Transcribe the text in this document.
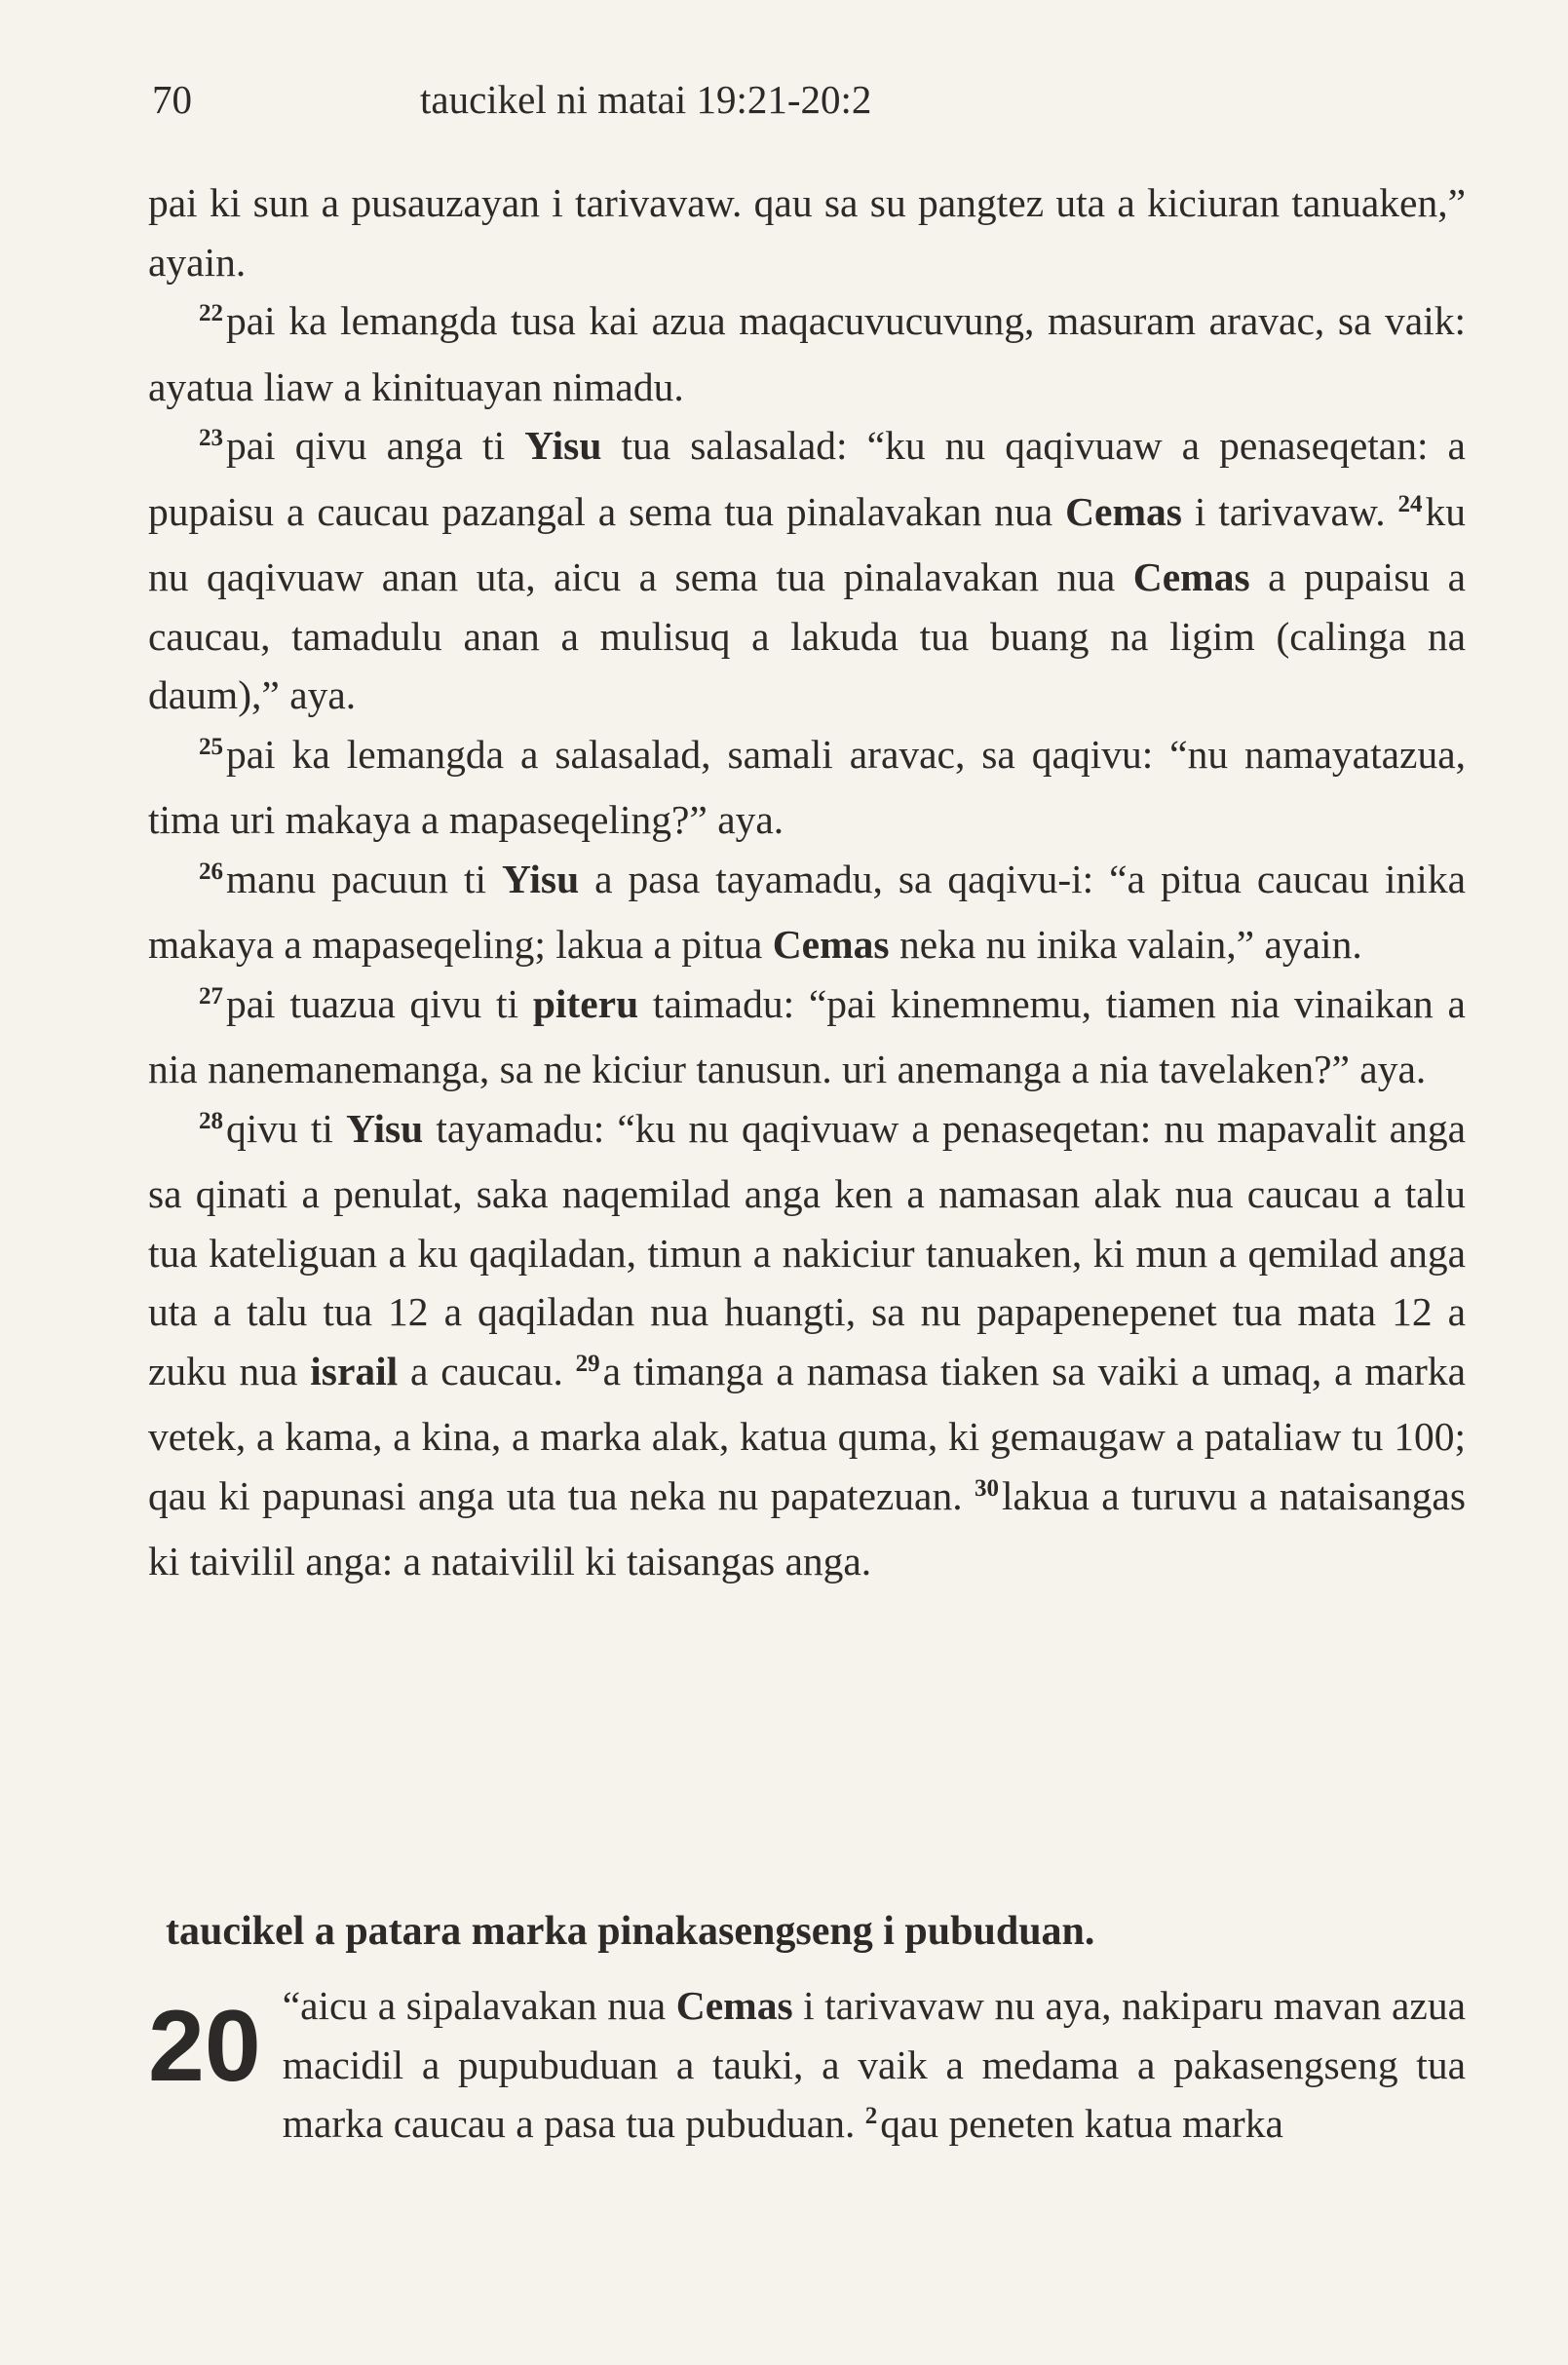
70	taucikel ni matai 19:21-20:2

pai ki sun a pusauzayan i tarivavaw. qau sa su pangtez uta a kiciuran tanuaken,” ayain.

$^{22}$pai ka lemangda tusa kai azua maqacuvucuvung, masuram aravac, sa vaik: ayatua liaw a kinituayan nimadu.

$^{23}$pai qivu anga ti Yisu tua salasalad: “ku nu qaqivuaw a penaseqetan: a pupaisu a caucau pazangal a sema tua pinalavakan nua Cemas i tarivavaw. $^{24}$ku nu qaqivuaw anan uta, aicu a sema tua pinalavakan nua Cemas a pupaisu a caucau, tamadulu anan a mulisuq a lakuda tua buang na ligim (calinga na daum),” aya.

$^{25}$pai ka lemangda a salasalad, samali aravac, sa qaqivu: “nu namayatazua, tima uri makaya a mapaseqeling?” aya.

$^{26}$manu pacuun ti Yisu a pasa tayamadu, sa qaqivu-i: “a pitua caucau inika makaya a mapaseqeling; lakua a pitua Cemas neka nu inika valain,” ayain.

$^{27}$pai tuazua qivu ti piteru taimadu: “pai kinemnemu, tiamen nia vinaikan a nia nanemanemanga, sa ne kiciur tanusun. uri anemanga a nia tavelaken?” aya.

$^{28}$qivu ti Yisu tayamadu: “ku nu qaqivuaw a penaseqetan: nu mapavalit anga sa qinati a penulat, saka naqemilad anga ken a namasan alak nua caucau a talu tua kateliguan a ku qaqiladan, timun a nakiciur tanuaken, ki mun a qemilad anga uta a talu tua 12 a qaqiladan nua huangti, sa nu papapenepenet tua mata 12 a zuku nua israil a caucau. $^{29}$a timanga a namasa tiaken sa vaiki a umaq, a marka vetek, a kama, a kina, a marka alak, katua quma, ki gemaugaw a pataliaw tu 100; qau ki papunasi anga uta tua neka nu papatezuan. $^{30}$lakua a turuvu a nataisangas ki taivilil anga: a nataivilil ki taisangas anga.

taucikel a patara marka pinakasengseng i pubuduan.
20 “aicu a sipalavakan nua Cemas i tarivavaw nu aya, nakiparu mavan azua macidil a pupubuduan a tauki, a vaik a medama a pakasengseng tua marka caucau a pasa tua pubuduan. $^2$qau peneten katua marka
